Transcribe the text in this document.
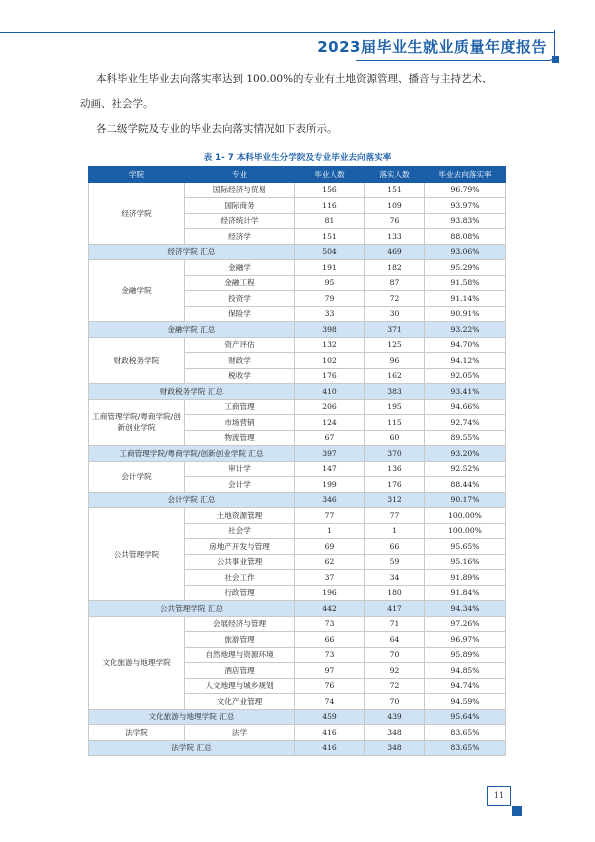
2023届毕业生就业质量年度报告
本科毕业生毕业去向落实率达到 100.00%的专业有土地资源管理、播音与主持艺术、
动画、社会学。
各二级学院及专业的毕业去向落实情况如下表所示。
表 1- 7 本科毕业生分学院及专业毕业去向落实率
学院	专业	毕业人数	落实人数	毕业去向落实率
经济学院	国际经济与贸易	156	151	96.79%
	国际商务	116	109	93.97%
	经济统计学	81	76	93.83%
	经济学	151	133	88.08%
经济学院 汇总		504	469	93.06%
金融学院	金融学	191	182	95.29%
	金融工程	95	87	91.58%
	投资学	79	72	91.14%
	保险学	33	30	90.91%
金融学院 汇总		398	371	93.22%
财政税务学院	资产评估	132	125	94.70%
	财政学	102	96	94.12%
	税收学	176	162	92.05%
财政税务学院 汇总		410	383	93.41%
工商管理学院/粤商学院/创新创业学院	工商管理	206	195	94.66%
	市场营销	124	115	92.74%
	物流管理	67	60	89.55%
工商管理学院/粤商学院/创新创业学院 汇总		397	370	93.20%
会计学院	审计学	147	136	92.52%
	会计学	199	176	88.44%
会计学院 汇总		346	312	90.17%
公共管理学院	土地资源管理	77	77	100.00%
	社会学	1	1	100.00%
	房地产开发与管理	69	66	95.65%
	公共事业管理	62	59	95.16%
	社会工作	37	34	91.89%
	行政管理	196	180	91.84%
公共管理学院 汇总		442	417	94.34%
文化旅游与地理学院	会展经济与管理	73	71	97.26%
	旅游管理	66	64	96.97%
	自然地理与资源环境	73	70	95.89%
	酒店管理	97	92	94.85%
	人文地理与城乡规划	76	72	94.74%
	文化产业管理	74	70	94.59%
文化旅游与地理学院 汇总		459	439	95.64%
法学院	法学	416	348	83.65%
法学院 汇总		416	348	83.65%
11
